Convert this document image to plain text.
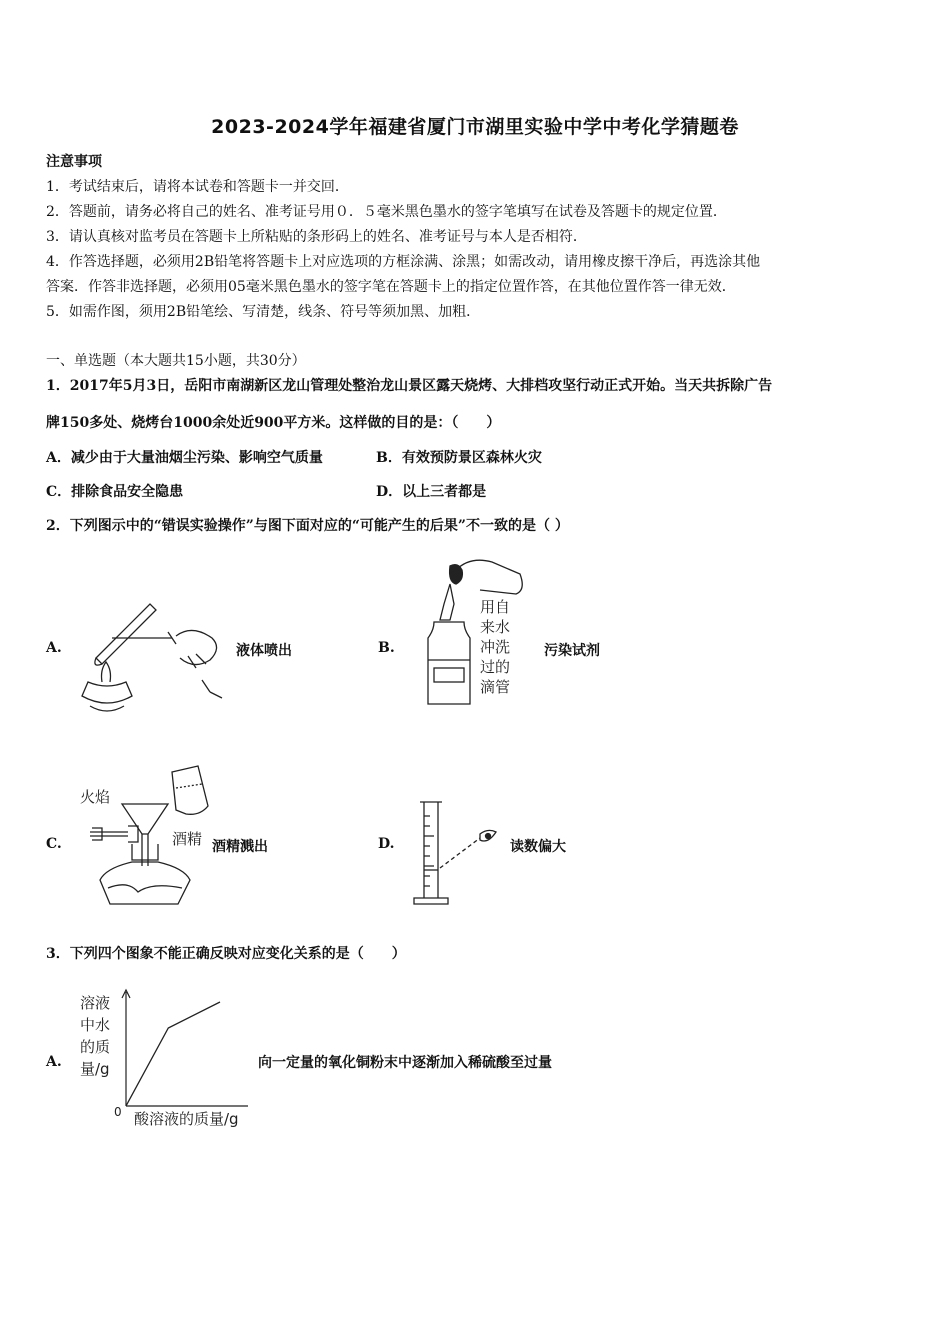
2023-2024学年福建省厦门市湖里实验中学中考化学猜题卷
注意事项
1．考试结束后，请将本试卷和答题卡一并交回．
2．答题前，请务必将自己的姓名、准考证号用０．５毫米黑色墨水的签字笔填写在试卷及答题卡的规定位置．
3．请认真核对监考员在答题卡上所粘贴的条形码上的姓名、准考证号与本人是否相符．
4．作答选择题，必须用2B铅笔将答题卡上对应选项的方框涂满、涂黑；如需改动，请用橡皮擦干净后，再选涂其他
答案．作答非选择题，必须用05毫米黑色墨水的签字笔在答题卡上的指定位置作答，在其他位置作答一律无效．
5．如需作图，须用2B铅笔绘、写清楚，线条、符号等须加黑、加粗．
一、单选题（本大题共15小题，共30分）
1．2017年5月3日，岳阳市南湖新区龙山管理处整治龙山景区露天烧烤、大排档攻坚行动正式开始。当天共拆除广告
牌150多处、烧烤台1000余处近900平方米。这样做的目的是：（　　）
A．减少由于大量油烟尘污染、影响空气质量	B．有效预防景区森林火灾
C．排除食品安全隐患	D．以上三者都是
2．下列图示中的“错误实验操作”与图下面对应的“可能产生的后果”不一致的是（ ）
A.	液体喷出	B.
用自
来水
冲洗
过的
滴管
污染试剂
C.
火焰
酒精 酒精溅出	D.	读数偏大
3．下列四个图象不能正确反映对应变化关系的是（　　）
A.
溶液
中水
的质
量/g
0 酸溶液的质量/g
向一定量的氧化铜粉末中逐渐加入稀硫酸至过量
